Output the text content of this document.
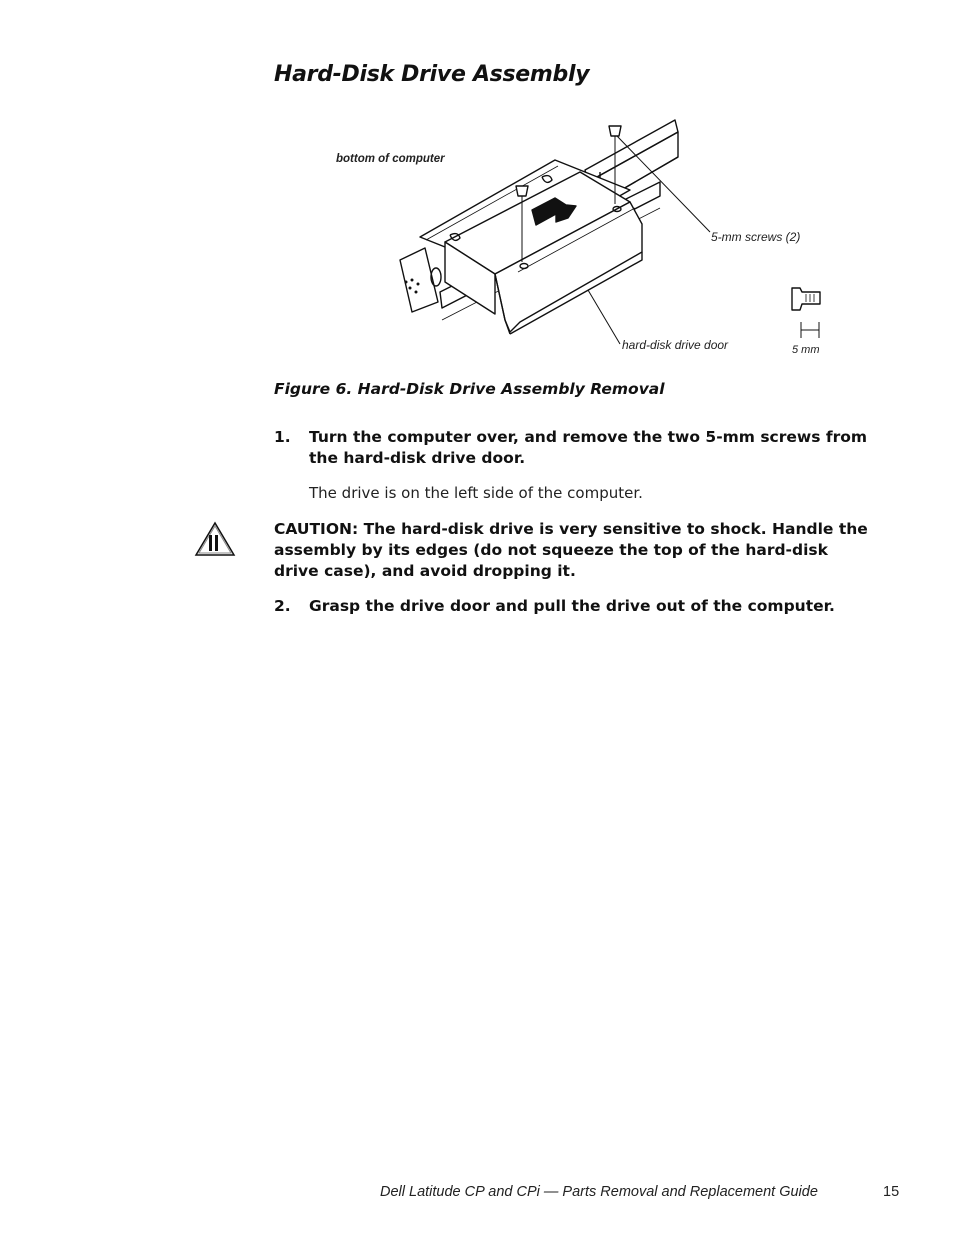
Hard-Disk Drive Assembly
bottom of computer
5-mm screws (2)
hard-disk drive door	5 mm

Figure 6. Hard-Disk Drive Assembly Removal

1. Turn the computer over, and remove the two 5-mm screws from the hard-disk drive door.
The drive is on the left side of the computer.
CAUTION: The hard-disk drive is very sensitive to shock. Handle the assembly by its edges (do not squeeze the top of the hard-disk drive case), and avoid dropping it.
2. Grasp the drive door and pull the drive out of the computer.
Dell Latitude CP and CPi — Parts Removal and Replacement Guide	15
